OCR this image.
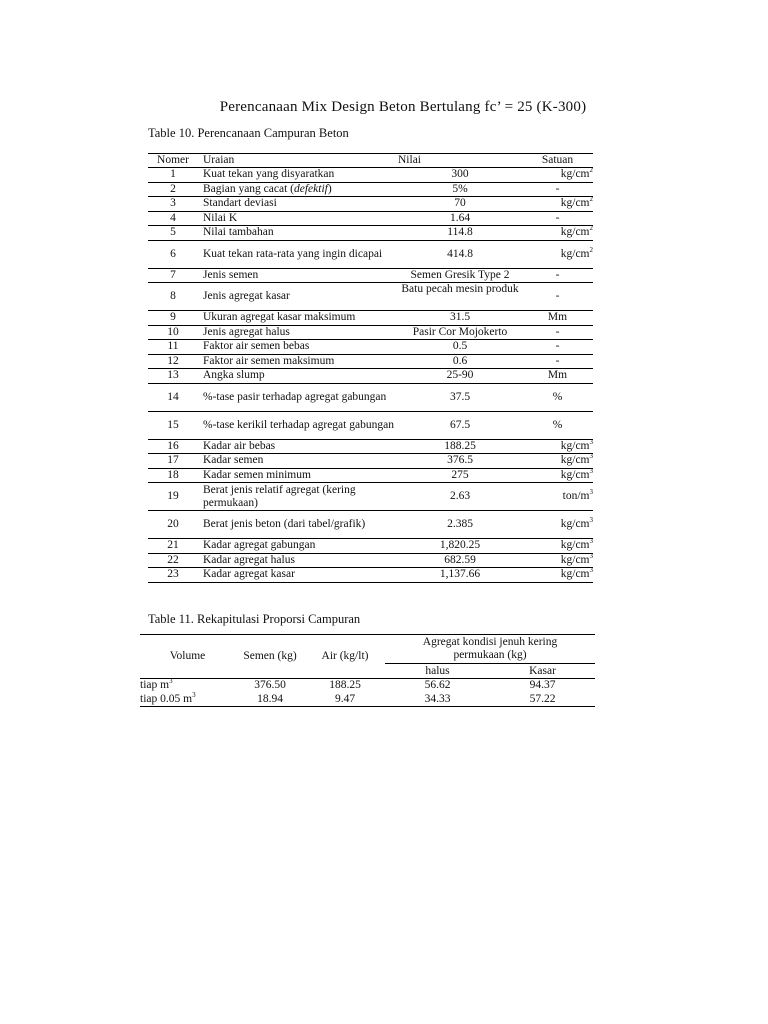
Perencanaan Mix Design Beton Bertulang fc’ = 25 (K-300)
Table 10. Perencanaan Campuran Beton
Nomer	Uraian	Nilai	Satuan
1	Kuat tekan yang disyaratkan	300	$kg/cm^2$
2	Bagian yang cacat (defektif)	5%	-
3	Standart deviasi	70	$kg/cm^2$
4	Nilai K	1.64	-
5	Nilai tambahan	114.8	$kg/cm^2$
6	Kuat tekan rata-rata yang ingin dicapai	414.8	$kg/cm^2$
7	Jenis semen	Semen Gresik Type 2	-
8	Jenis agregat kasar	Batu pecah mesin produk	-
9	Ukuran agregat kasar maksimum	31.5	Mm
10	Jenis agregat halus	Pasir Cor Mojokerto	-
11	Faktor air semen bebas	0.5	-
12	Faktor air semen maksimum	0.6	-
13	Angka slump	25-90	Mm
14	%-tase pasir terhadap agregat gabungan	37.5	%
15	%-tase kerikil terhadap agregat gabungan	67.5	%
16	Kadar air bebas	188.25	$kg/cm^3$
17	Kadar semen	376.5	$kg/cm^3$
18	Kadar semen minimum	275	$kg/cm^3$
19	Berat jenis relatif agregat (kering permukaan)	2.63	ton/$m^3$
20	Berat jenis beton (dari tabel/grafik)	2.385	$kg/cm^3$
21	Kadar agregat gabungan	1,820.25	$kg/cm^3$
22	Kadar agregat halus	682.59	$kg/cm^3$
23	Kadar agregat kasar	1,137.66	$kg/cm^3$
Table 11. Rekapitulasi Proporsi Campuran
Volume	Semen (kg)	Air (kg/lt)	Agregat kondisi jenuh kering permukaan (kg)	
			halus	Kasar
tiap $m^3$	376.50	188.25	56.62	94.37
tiap 0.05 $m^3$	18.94	9.47	34.33	57.22
